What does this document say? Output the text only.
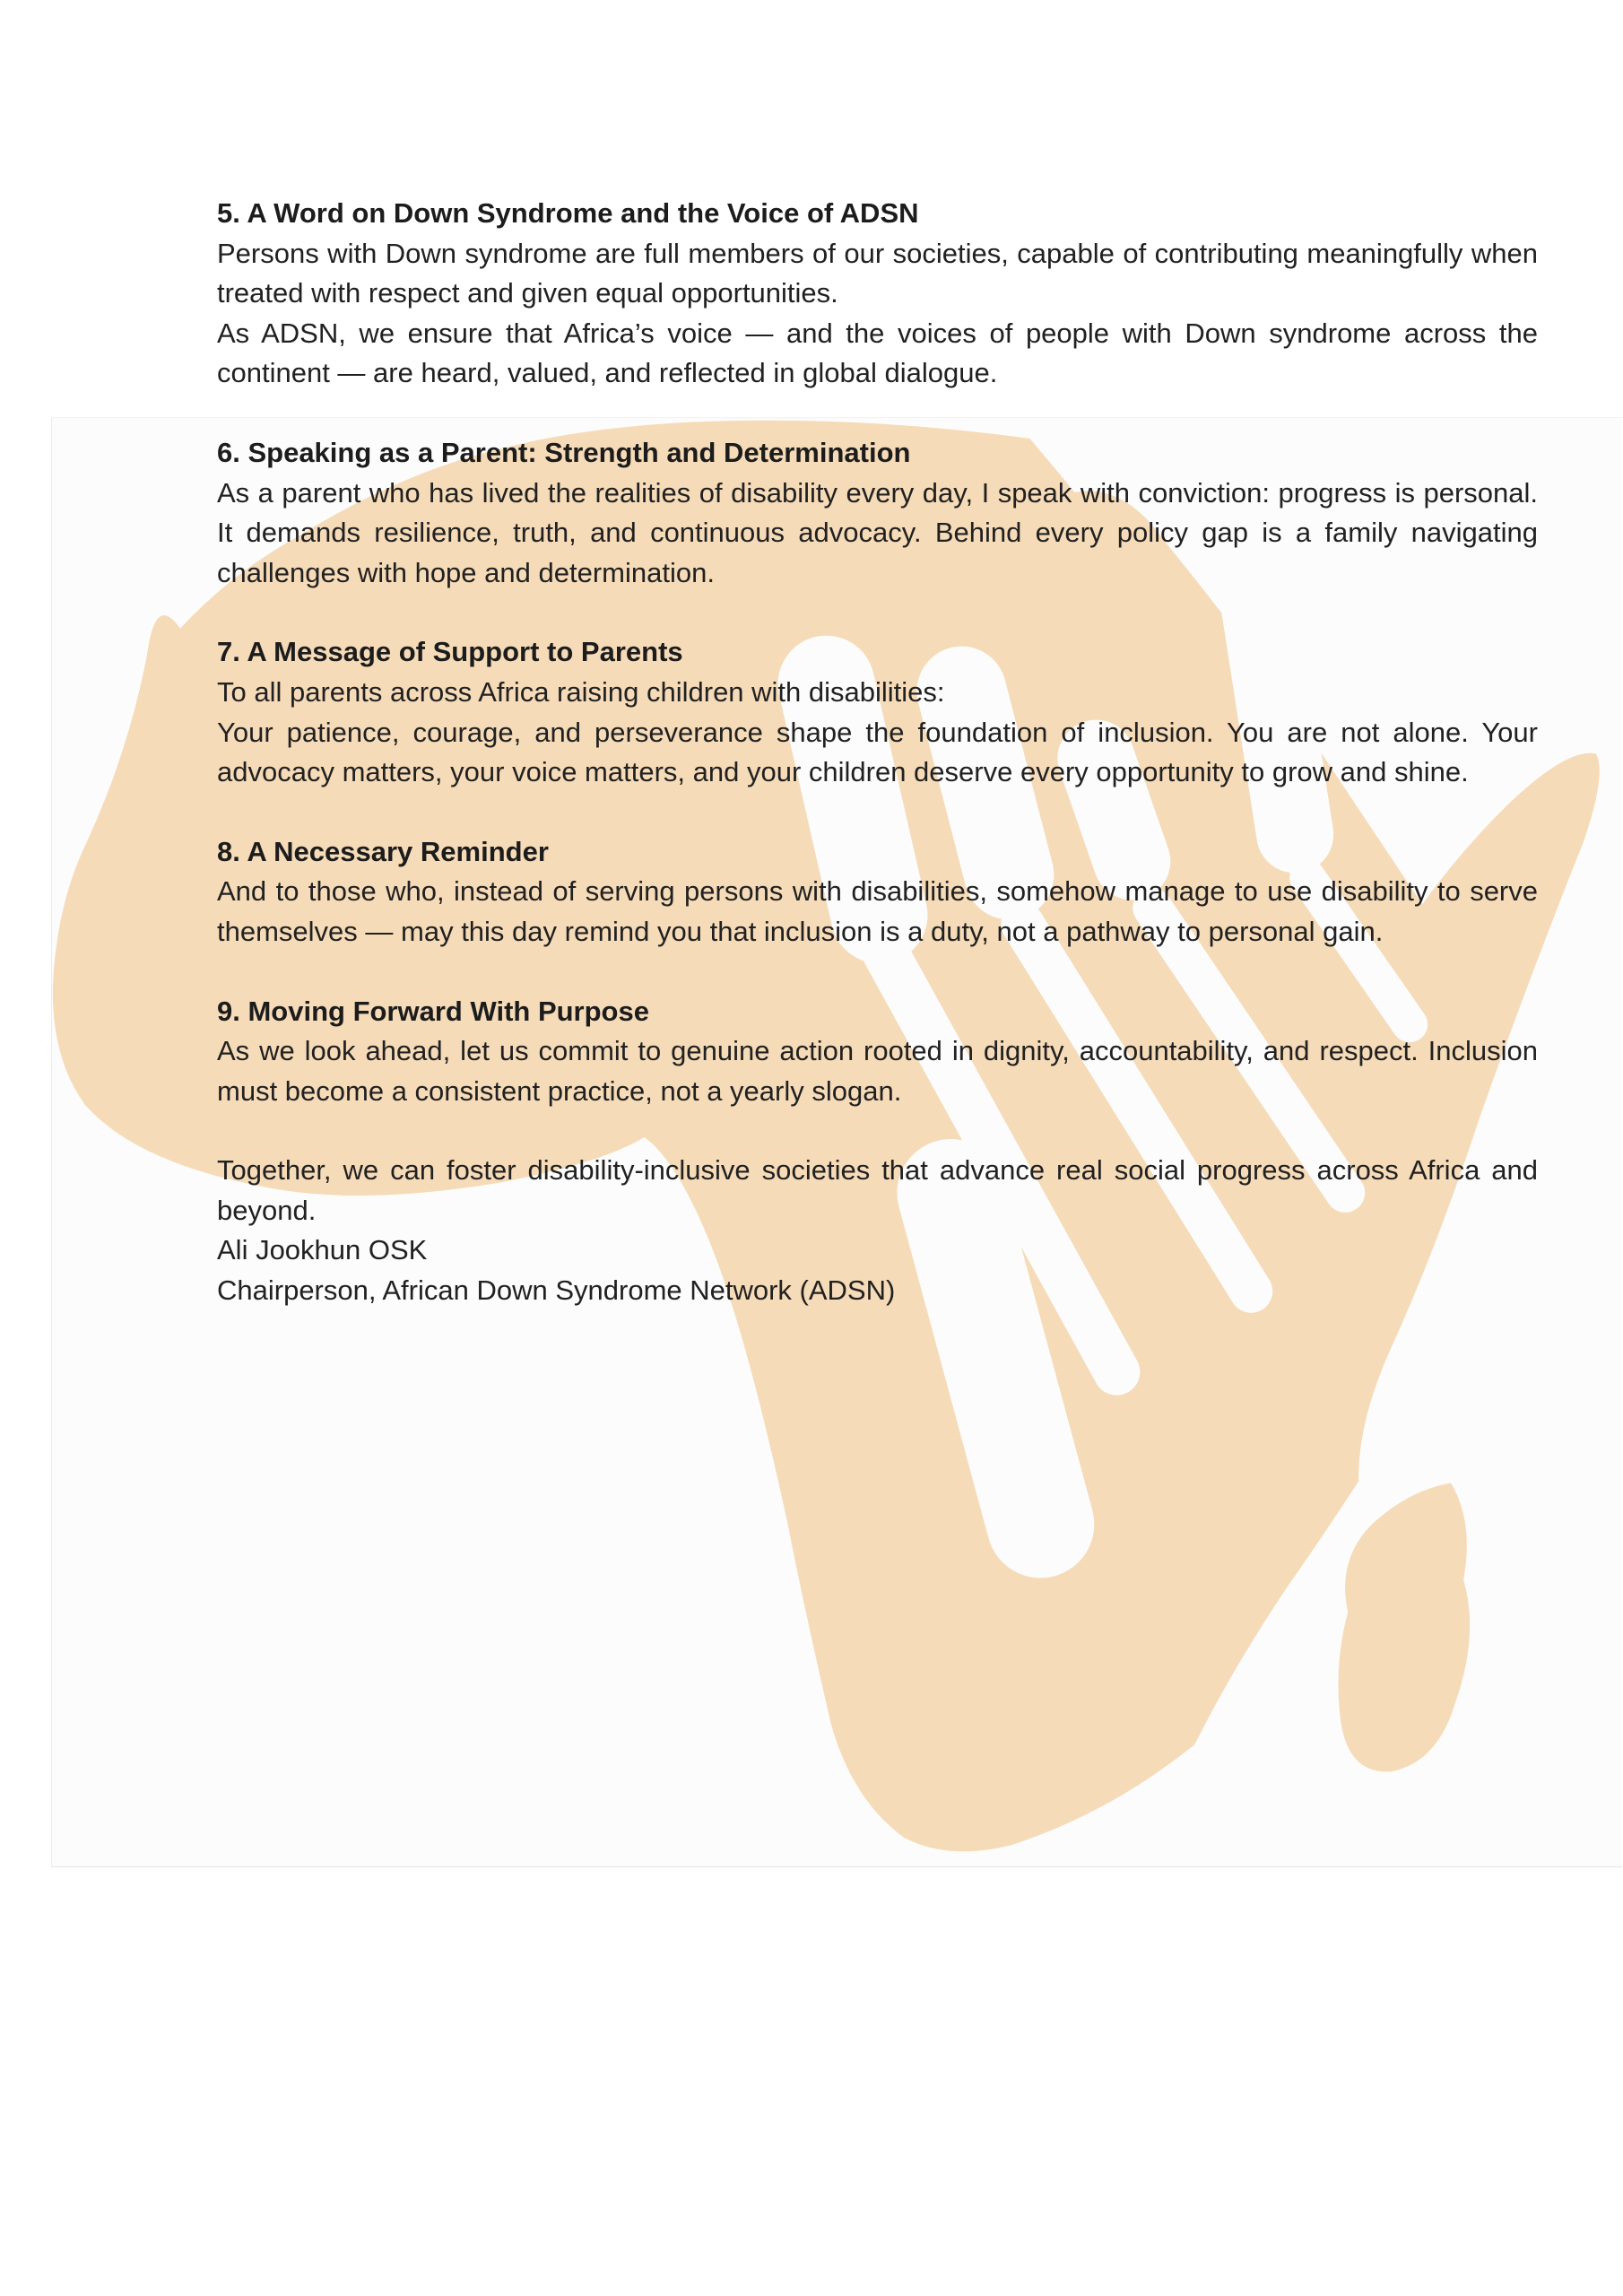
5. A Word on Down Syndrome and the Voice of ADSN

Persons with Down syndrome are full members of our societies, capable of contributing meaningfully when treated with respect and given equal opportunities.

As ADSN, we ensure that Africa’s voice — and the voices of people with Down syndrome across the continent — are heard, valued, and reflected in global dialogue.

6. Speaking as a Parent: Strength and Determination

As a parent who has lived the realities of disability every day, I speak with conviction: progress is personal. It demands resilience, truth, and continuous advocacy. Behind every policy gap is a family navigating challenges with hope and determination.

7. A Message of Support to Parents

To all parents across Africa raising children with disabilities:

Your patience, courage, and perseverance shape the foundation of inclusion. You are not alone. Your advocacy matters, your voice matters, and your children deserve every opportunity to grow and shine.

8. A Necessary Reminder

And to those who, instead of serving persons with disabilities, somehow manage to use disability to serve themselves — may this day remind you that inclusion is a duty, not a pathway to personal gain.

9. Moving Forward With Purpose

As we look ahead, let us commit to genuine action rooted in dignity, accountability, and respect. Inclusion must become a consistent practice, not a yearly slogan.

Together, we can foster disability-inclusive societies that advance real social progress across Africa and beyond.

Ali Jookhun OSK

Chairperson, African Down Syndrome Network (ADSN)
